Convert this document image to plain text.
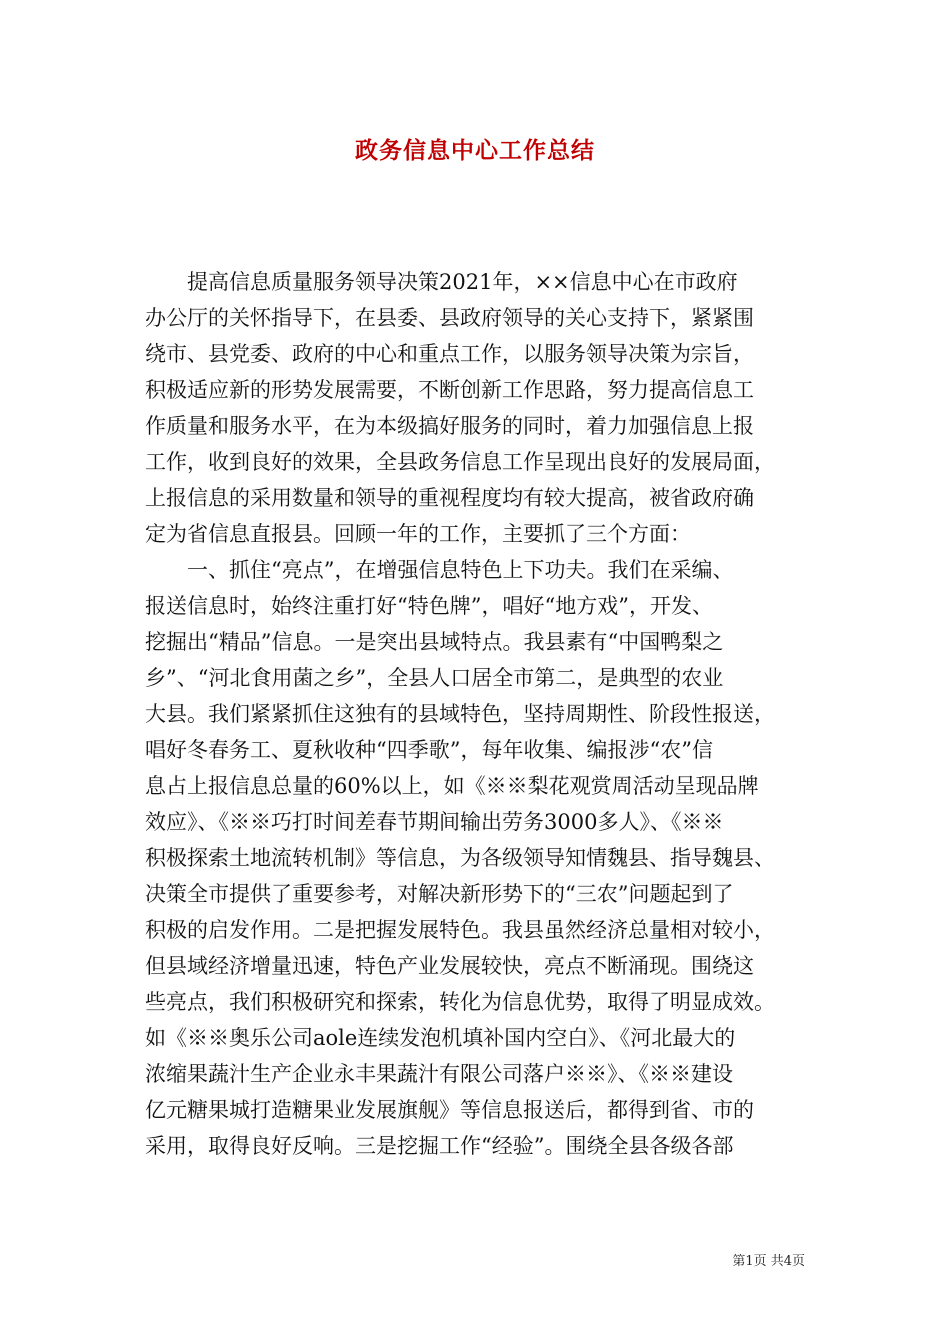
政务信息中心工作总结
　　提高信息质量服务领导决策2021年，××信息中心在市政府
办公厅的关怀指导下，在县委、县政府领导的关心支持下，紧紧围
绕市、县党委、政府的中心和重点工作，以服务领导决策为宗旨，
积极适应新的形势发展需要，不断创新工作思路，努力提高信息工
作质量和服务水平，在为本级搞好服务的同时，着力加强信息上报
工作，收到良好的效果，全县政务信息工作呈现出良好的发展局面，
上报信息的采用数量和领导的重视程度均有较大提高，被省政府确
定为省信息直报县。回顾一年的工作，主要抓了三个方面：
　　一、抓住“亮点”，在增强信息特色上下功夫。我们在采编、
报送信息时，始终注重打好“特色牌”，唱好“地方戏”，开发、
挖掘出“精品”信息。一是突出县域特点。我县素有“中国鸭梨之
乡”、“河北食用菌之乡”，全县人口居全市第二，是典型的农业
大县。我们紧紧抓住这独有的县域特色，坚持周期性、阶段性报送，
唱好冬春务工、夏秋收种“四季歌”，每年收集、编报涉“农”信
息占上报信息总量的60%以上，如《※※梨花观赏周活动呈现品牌
效应》、《※※巧打时间差春节期间输出劳务3000多人》、《※※
积极探索土地流转机制》等信息，为各级领导知情魏县、指导魏县、
决策全市提供了重要参考，对解决新形势下的“三农”问题起到了
积极的启发作用。二是把握发展特色。我县虽然经济总量相对较小，
但县域经济增量迅速，特色产业发展较快，亮点不断涌现。围绕这
些亮点，我们积极研究和探索，转化为信息优势，取得了明显成效。
如《※※奥乐公司aole连续发泡机填补国内空白》、《河北最大的
浓缩果蔬汁生产企业永丰果蔬汁有限公司落户※※》、《※※建设
亿元糖果城打造糖果业发展旗舰》等信息报送后，都得到省、市的
采用，取得良好反响。三是挖掘工作“经验”。围绕全县各级各部
第1页 共4页
